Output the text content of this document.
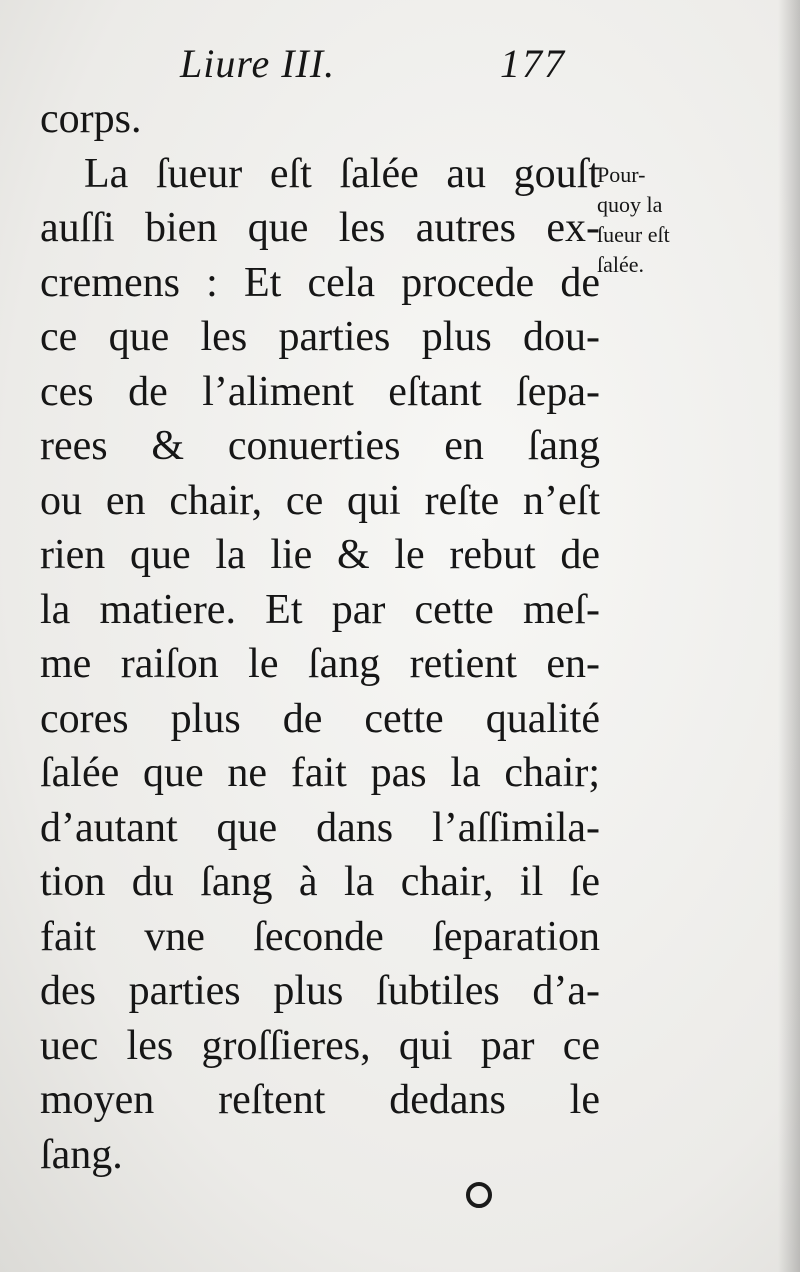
Liure III.	177
corps.
La ſueur eſt ſalée au gouſt
auſſi bien que les autres ex-
cremens : Et cela procede de
ce que les parties plus dou-
ces de l’aliment eſtant ſepa-
rees & conuerties en ſang
ou en chair, ce qui reſte n’eſt
rien que la lie & le rebut de
la matiere. Et par cette meſ-
me raiſon le ſang retient en-
cores plus de cette qualité
ſalée que ne fait pas la chair;
d’autant que dans l’aſſimila-
tion du ſang à la chair, il ſe
fait vne ſeconde ſeparation
des parties plus ſubtiles d’a-
uec les groſſieres, qui par ce
moyen reſtent dedans le
ſang.
Pour-
quoy la
ſueur eſt
ſalée.
